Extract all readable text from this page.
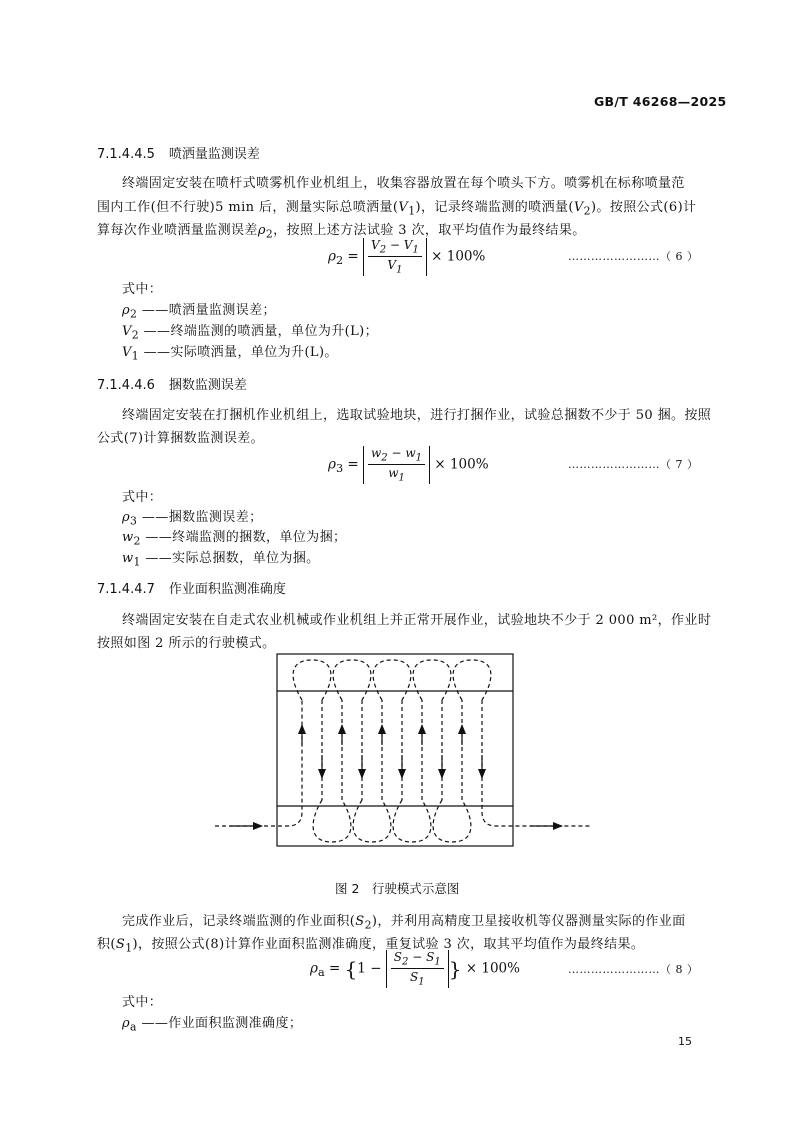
GB/T 46268—2025
7.1.4.4.5 喷洒量监测误差
终端固定安装在喷杆式喷雾机作业机组上，收集容器放置在每个喷头下方。喷雾机在标称喷量范
围内工作(但不行驶)5 min 后，测量实际总喷洒量$(V_1)$，记录终端监测的喷洒量$(V_2)$。按照公式(6)计
算每次作业喷洒量监测误差$\rho_2$，按照上述方法试验 3 次，取平均值作为最终结果。
$\rho_2 = \frac{V_2 - V_1}{V_1} \times 100\%$	……………………（ 6 ）
式中：
$\rho_2$ ——喷洒量监测误差；
$V_2$ ——终端监测的喷洒量，单位为升(L)；
$V_1$ ——实际喷洒量，单位为升(L)。
7.1.4.4.6 捆数监测误差
终端固定安装在打捆机作业机组上，选取试验地块，进行打捆作业，试验总捆数不少于 50 捆。按照
公式(7)计算捆数监测误差。
$\rho_3 = \frac{w_2 - w_1}{w_1} \times 100\%$	……………………（ 7 ）
式中：
$\rho_3$ ——捆数监测误差；
$w_2$ ——终端监测的捆数，单位为捆；
$w_1$ ——实际总捆数，单位为捆。
7.1.4.4.7 作业面积监测准确度
终端固定安装在自走式农业机械或作业机组上并正常开展作业，试验地块不少于 2 000 m²，作业时
按照如图 2 所示的行驶模式。
图 2　行驶模式示意图
完成作业后，记录终端监测的作业面积$(S_2)$，并利用高精度卫星接收机等仪器测量实际的作业面
积$(S_1)$，按照公式(8)计算作业面积监测准确度，重复试验 3 次，取其平均值作为最终结果。
$\rho_a = \{1 - \frac{S_2 - S_1}{S_1}$ } × 100%	……………………（ 8 ）
式中：
$\rho_a$ ——作业面积监测准确度；
15
